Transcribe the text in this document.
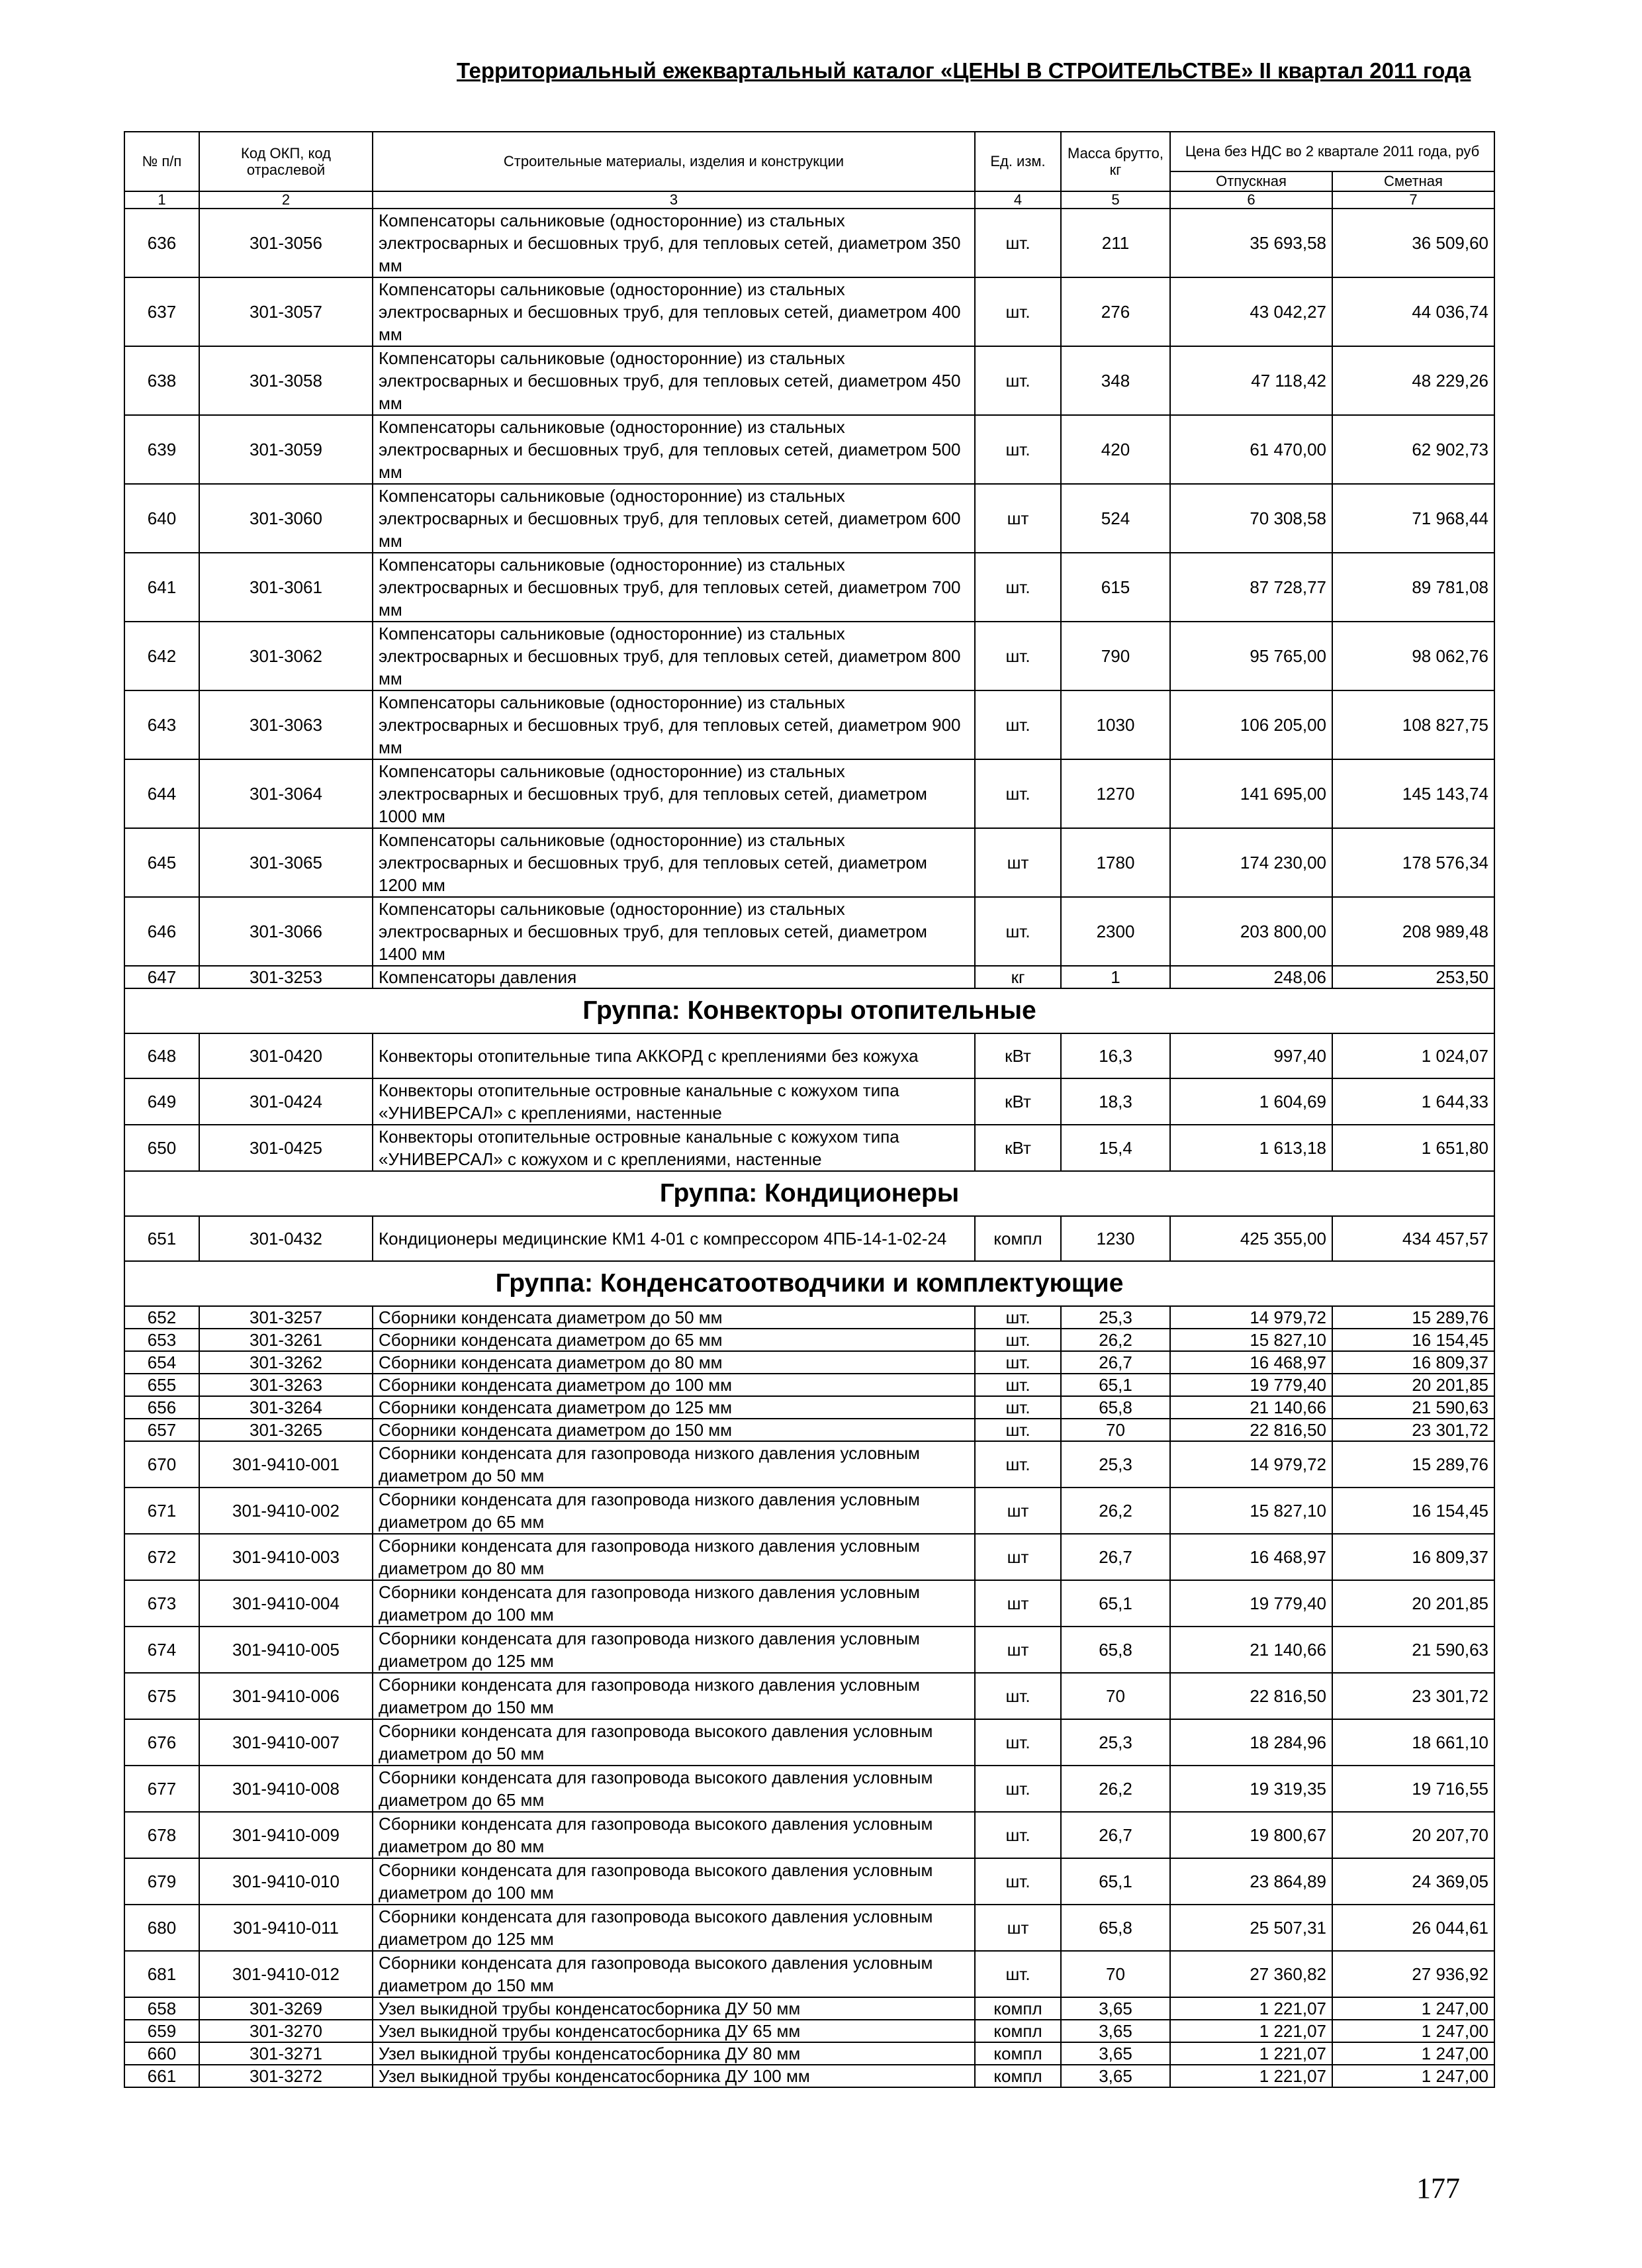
Территориальный ежеквартальный каталог «ЦЕНЫ В СТРОИТЕЛЬСТВЕ» II квартал 2011 года
№ п/п	Код ОКП, код отраслевой	Строительные материалы, изделия и конструкции	Ед. изм.	Масса брутто, кг	Цена без НДС во 2 квартале 2011 года, руб	
					Отпускная	Сметная
1	2	3	4	5	6	7
636	301-3056	Компенсаторы сальниковые (односторонние) из стальных электросварных и бесшовных труб, для тепловых сетей, диаметром 350 мм	шт.	211	35 693,58	36 509,60
637	301-3057	Компенсаторы сальниковые (односторонние) из стальных электросварных и бесшовных труб, для тепловых сетей, диаметром 400 мм	шт.	276	43 042,27	44 036,74
638	301-3058	Компенсаторы сальниковые (односторонние) из стальных электросварных и бесшовных труб, для тепловых сетей, диаметром 450 мм	шт.	348	47 118,42	48 229,26
639	301-3059	Компенсаторы сальниковые (односторонние) из стальных электросварных и бесшовных труб, для тепловых сетей, диаметром 500 мм	шт.	420	61 470,00	62 902,73
640	301-3060	Компенсаторы сальниковые (односторонние) из стальных электросварных и бесшовных труб, для тепловых сетей, диаметром 600 мм	шт	524	70 308,58	71 968,44
641	301-3061	Компенсаторы сальниковые (односторонние) из стальных электросварных и бесшовных труб, для тепловых сетей, диаметром 700 мм	шт.	615	87 728,77	89 781,08
642	301-3062	Компенсаторы сальниковые (односторонние) из стальных электросварных и бесшовных труб, для тепловых сетей, диаметром 800 мм	шт.	790	95 765,00	98 062,76
643	301-3063	Компенсаторы сальниковые (односторонние) из стальных электросварных и бесшовных труб, для тепловых сетей, диаметром 900 мм	шт.	1030	106 205,00	108 827,75
644	301-3064	Компенсаторы сальниковые (односторонние) из стальных электросварных и бесшовных труб, для тепловых сетей, диаметром 1000 мм	шт.	1270	141 695,00	145 143,74
645	301-3065	Компенсаторы сальниковые (односторонние) из стальных электросварных и бесшовных труб, для тепловых сетей, диаметром 1200 мм	шт	1780	174 230,00	178 576,34
646	301-3066	Компенсаторы сальниковые (односторонние) из стальных электросварных и бесшовных труб, для тепловых сетей, диаметром 1400 мм	шт.	2300	203 800,00	208 989,48
647	301-3253	Компенсаторы давления	кг	1	248,06	253,50
Группа: Конвекторы отопительные						
648	301-0420	Конвекторы отопительные типа АККОРД с креплениями без кожуха	кВт	16,3	997,40	1 024,07
649	301-0424	Конвекторы отопительные островные канальные с кожухом типа «УНИВЕРСАЛ» с креплениями, настенные	кВт	18,3	1 604,69	1 644,33
650	301-0425	Конвекторы отопительные островные канальные с кожухом типа «УНИВЕРСАЛ» с кожухом и с креплениями, настенные	кВт	15,4	1 613,18	1 651,80
Группа: Кондиционеры						
651	301-0432	Кондиционеры медицинские КМ1 4-01 с компрессором 4ПБ-14-1-02-24	компл	1230	425 355,00	434 457,57
Группа: Конденсатоотводчики и комплектующие						
652	301-3257	Сборники конденсата диаметром до 50 мм	шт.	25,3	14 979,72	15 289,76
653	301-3261	Сборники конденсата диаметром до 65 мм	шт.	26,2	15 827,10	16 154,45
654	301-3262	Сборники конденсата диаметром до 80 мм	шт.	26,7	16 468,97	16 809,37
655	301-3263	Сборники конденсата диаметром до 100 мм	шт.	65,1	19 779,40	20 201,85
656	301-3264	Сборники конденсата диаметром до 125 мм	шт.	65,8	21 140,66	21 590,63
657	301-3265	Сборники конденсата диаметром до 150 мм	шт.	70	22 816,50	23 301,72
670	301-9410-001	Сборники конденсата для газопровода низкого давления условным диаметром до 50 мм	шт.	25,3	14 979,72	15 289,76
671	301-9410-002	Сборники конденсата для газопровода низкого давления условным диаметром до 65 мм	шт	26,2	15 827,10	16 154,45
672	301-9410-003	Сборники конденсата для газопровода низкого давления условным диаметром до 80 мм	шт	26,7	16 468,97	16 809,37
673	301-9410-004	Сборники конденсата для газопровода низкого давления условным диаметром до 100 мм	шт	65,1	19 779,40	20 201,85
674	301-9410-005	Сборники конденсата для газопровода низкого давления условным диаметром до 125 мм	шт	65,8	21 140,66	21 590,63
675	301-9410-006	Сборники конденсата для газопровода низкого давления условным диаметром до 150 мм	шт.	70	22 816,50	23 301,72
676	301-9410-007	Сборники конденсата для газопровода высокого давления условным диаметром до 50 мм	шт.	25,3	18 284,96	18 661,10
677	301-9410-008	Сборники конденсата для газопровода высокого давления условным диаметром до 65 мм	шт.	26,2	19 319,35	19 716,55
678	301-9410-009	Сборники конденсата для газопровода высокого давления условным диаметром до 80 мм	шт.	26,7	19 800,67	20 207,70
679	301-9410-010	Сборники конденсата для газопровода высокого давления условным диаметром до 100 мм	шт.	65,1	23 864,89	24 369,05
680	301-9410-011	Сборники конденсата для газопровода высокого давления условным диаметром до 125 мм	шт	65,8	25 507,31	26 044,61
681	301-9410-012	Сборники конденсата для газопровода высокого давления условным диаметром до 150 мм	шт.	70	27 360,82	27 936,92
658	301-3269	Узел выкидной трубы конденсатосборника ДУ 50 мм	компл	3,65	1 221,07	1 247,00
659	301-3270	Узел выкидной трубы конденсатосборника ДУ 65 мм	компл	3,65	1 221,07	1 247,00
660	301-3271	Узел выкидной трубы конденсатосборника ДУ 80 мм	компл	3,65	1 221,07	1 247,00
661	301-3272	Узел выкидной трубы конденсатосборника ДУ 100 мм	компл	3,65	1 221,07	1 247,00
177
